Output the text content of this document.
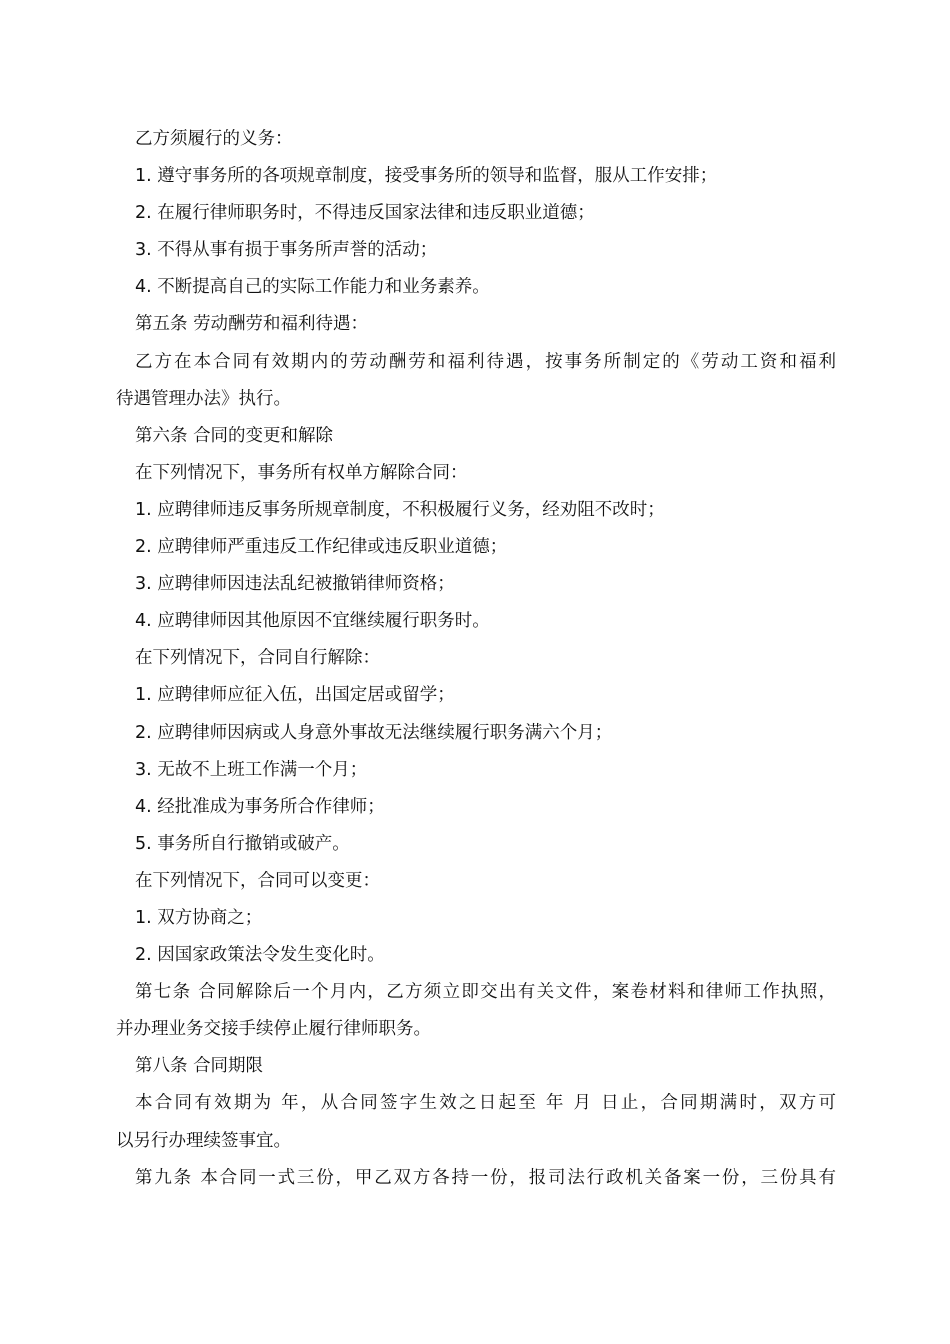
乙方须履行的义务：
1. 遵守事务所的各项规章制度，接受事务所的领导和监督，服从工作安排；
2. 在履行律师职务时，不得违反国家法律和违反职业道德；
3. 不得从事有损于事务所声誉的活动；
4. 不断提高自己的实际工作能力和业务素养。
第五条 劳动酬劳和福利待遇：
乙方在本合同有效期内的劳动酬劳和福利待遇，按事务所制定的《劳动工资和福利
待遇管理办法》执行。
第六条 合同的变更和解除
在下列情况下，事务所有权单方解除合同：
1. 应聘律师违反事务所规章制度，不积极履行义务，经劝阻不改时；
2. 应聘律师严重违反工作纪律或违反职业道德；
3. 应聘律师因违法乱纪被撤销律师资格；
4. 应聘律师因其他原因不宜继续履行职务时。
在下列情况下，合同自行解除：
1. 应聘律师应征入伍，出国定居或留学；
2. 应聘律师因病或人身意外事故无法继续履行职务满六个月；
3. 无故不上班工作满一个月；
4. 经批准成为事务所合作律师；
5. 事务所自行撤销或破产。
在下列情况下，合同可以变更：
1. 双方协商之；
2. 因国家政策法令发生变化时。
第七条 合同解除后一个月内，乙方须立即交出有关文件，案卷材料和律师工作执照，
并办理业务交接手续停止履行律师职务。
第八条 合同期限
本合同有效期为 年，从合同签字生效之日起至 年 月 日止，合同期满时，双方可
以另行办理续签事宜。
第九条 本合同一式三份，甲乙双方各持一份，报司法行政机关备案一份，三份具有
